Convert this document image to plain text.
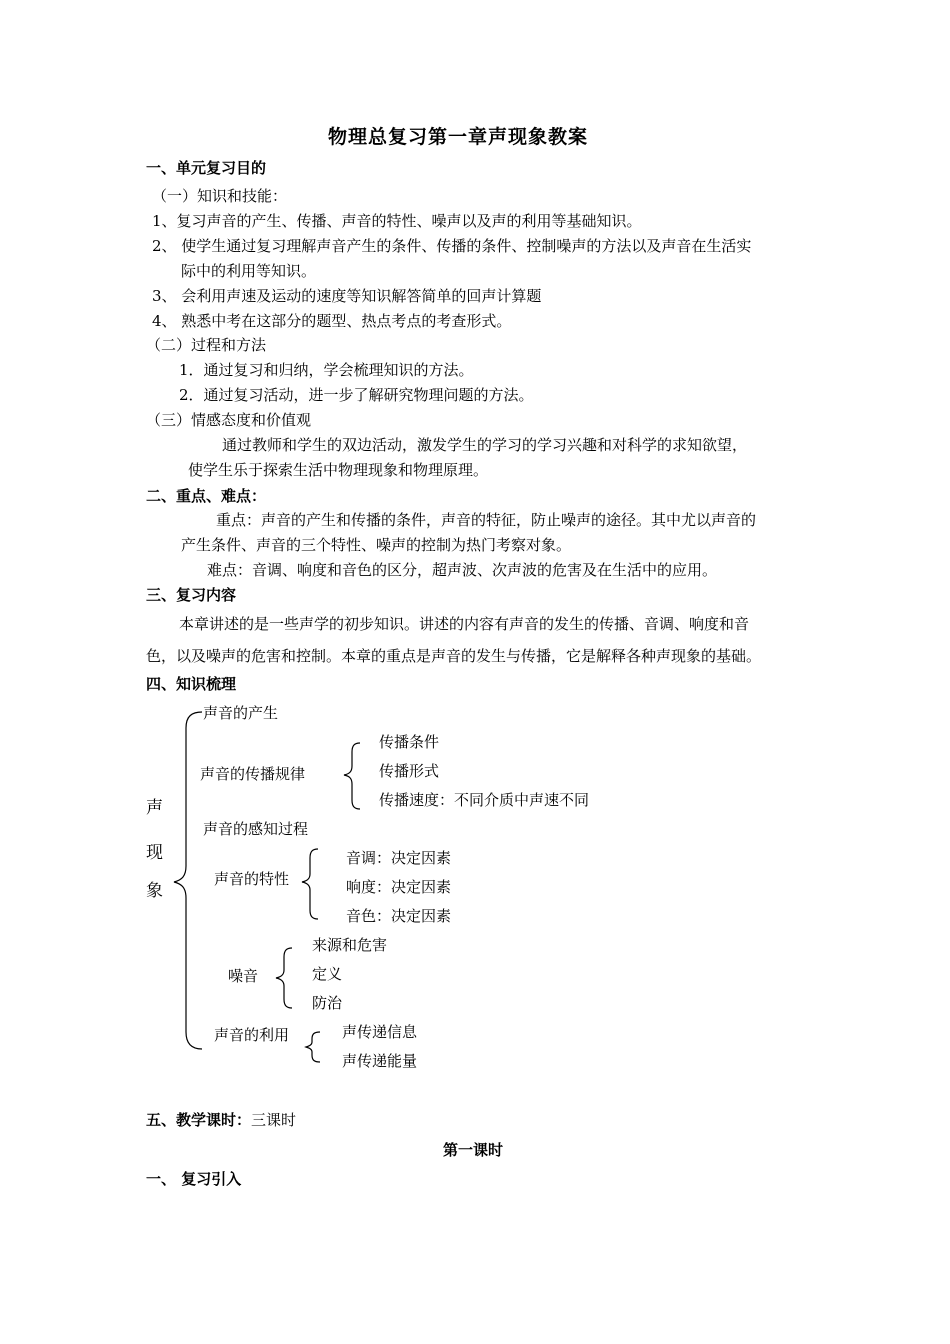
物理总复习第一章声现象教案
一、单元复习目的
（一）知识和技能：
1、复习声音的产生、传播、声音的特性、噪声以及声的利用等基础知识。
2、 使学生通过复习理解声音产生的条件、传播的条件、控制噪声的方法以及声音在生活实
际中的利用等知识。
3、 会利用声速及运动的速度等知识解答简单的回声计算题
4、 熟悉中考在这部分的题型、热点考点的考查形式。
（二）过程和方法
1．通过复习和归纳，学会梳理知识的方法。
2．通过复习活动，进一步了解研究物理问题的方法。
（三）情感态度和价值观
通过教师和学生的双边活动，激发学生的学习的学习兴趣和对科学的求知欲望，
使学生乐于探索生活中物理现象和物理原理。
二、重点、难点：
重点：声音的产生和传播的条件，声音的特征，防止噪声的途径。其中尤以声音的
产生条件、声音的三个特性、噪声的控制为热门考察对象。
难点：音调、响度和音色的区分，超声波、次声波的危害及在生活中的应用。
三、复习内容
本章讲述的是一些声学的初步知识。讲述的内容有声音的发生的传播、音调、响度和音
色，以及噪声的危害和控制。本章的重点是声音的发生与传播，它是解释各种声现象的基础。
四、知识梳理
声
现
象
声音的产生
声音的传播规律
传播条件
传播形式
传播速度：不同介质中声速不同
声音的感知过程
声音的特性
音调：决定因素
响度：决定因素
音色：决定因素
噪音
来源和危害
定义
防治
声音的利用	声传递信息
声传递能量
五、教学课时：三课时
第一课时
一、 复习引入
